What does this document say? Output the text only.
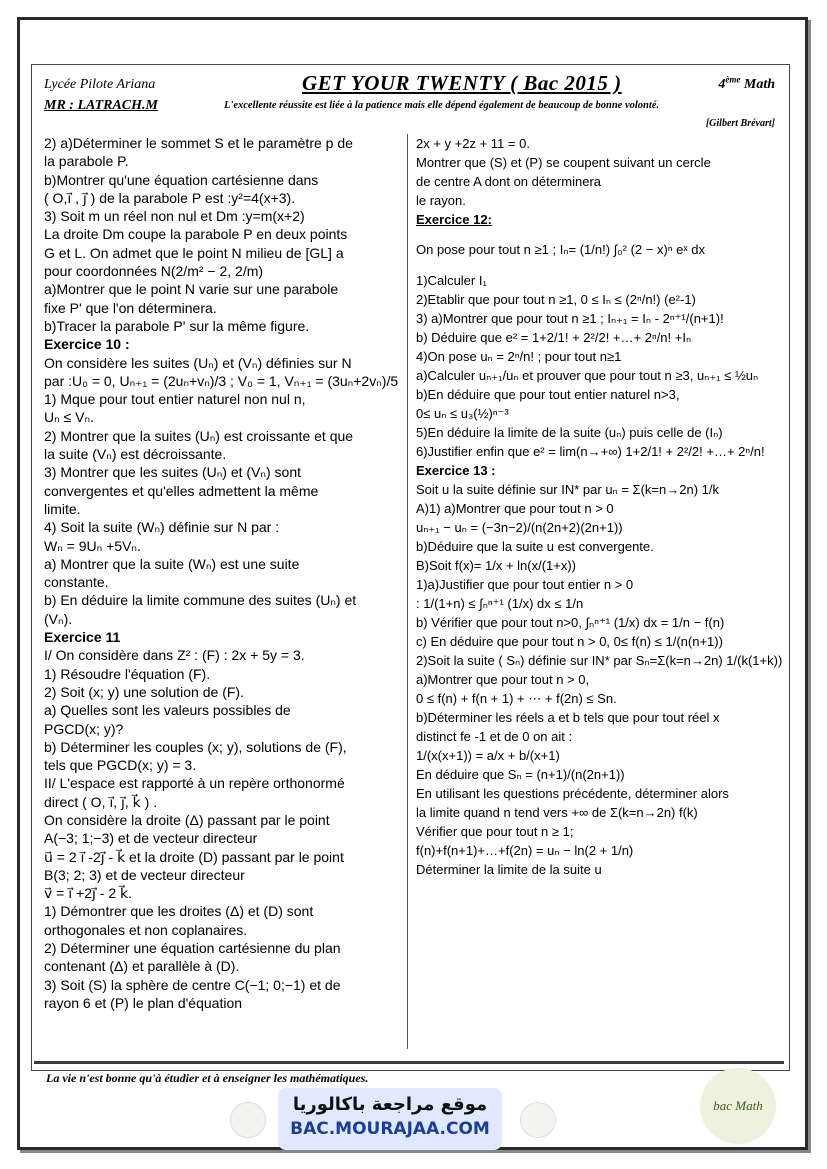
Lycée Pilote Ariana
MR : LATRACH.M
GET YOUR TWENTY ( Bac 2015 )	4ème Math
L'excellente réussite est liée à la patience mais elle dépend également de beaucoup de bonne volonté.
[Gilbert Brévart]
2) a)Déterminer le sommet S et le paramètre p de
la parabole P.
b)Montrer qu'une équation cartésienne dans
( O,i⃗ , j⃗ ) de la parabole P est :y²=4(x+3).
3) Soit m un réel non nul et Dm :y=m(x+2)
La droite Dm coupe la parabole P en deux points
G et L. On admet que le point N milieu de [GL] a
pour coordonnées N(2/m² − 2, 2/m)
a)Montrer que le point N varie sur une parabole
fixe P' que l'on déterminera.
b)Tracer la parabole P' sur la même figure.
Exercice 10 :
On considère les suites (Uₙ) et (Vₙ) définies sur N
par :U₀ = 0, Uₙ₊₁ = (2uₙ+vₙ)/3 ; V₀ = 1, Vₙ₊₁ = (3uₙ+2vₙ)/5
1) Mque pour tout entier naturel non nul n,
Uₙ ≤ Vₙ.
2) Montrer que la suites (Uₙ) est croissante et que
la suite (Vₙ) est décroissante.
3) Montrer que les suites (Uₙ) et (Vₙ) sont
convergentes et qu'elles admettent la même
limite.
4) Soit la suite (Wₙ) définie sur N par :
Wₙ = 9Uₙ +5Vₙ.
a) Montrer que la suite (Wₙ) est une suite
constante.
b) En déduire la limite commune des suites (Uₙ) et
(Vₙ).
Exercice 11
I/ On considère dans Z² : (F) : 2x + 5y = 3.
1) Résoudre l'équation (F).
2) Soit (x; y) une solution de (F).
a) Quelles sont les valeurs possibles de
PGCD(x; y)?
b) Déterminer les couples (x; y), solutions de (F),
tels que PGCD(x; y) = 3.
II/ L'espace est rapporté à un repère orthonormé
direct ( O, i⃗, j⃗, k⃗ ) .
On considère la droite (Δ) passant par le point
A(−3; 1;−3) et de vecteur directeur
u⃗ = 2 i⃗ -2j⃗ - k⃗ et la droite (D) passant par le point
B(3; 2; 3) et de vecteur directeur
v⃗ = i⃗ +2j⃗ - 2 k⃗.
1) Démontrer que les droites (Δ) et (D) sont
orthogonales et non coplanaires.
2) Déterminer une équation cartésienne du plan
contenant (Δ) et parallèle à (D).
3) Soit (S) la sphère de centre C(−1; 0;−1) et de
rayon 6 et (P) le plan d'équation
2x + y +2z + 11 = 0.
Montrer que (S) et (P) se coupent suivant un cercle
de centre A dont on déterminera
le rayon.
Exercice 12:
On pose pour tout n ≥1 ; Iₙ= (1/n!) ∫₀² (2 − x)ⁿ eˣ dx
1)Calculer I₁
2)Etablir que pour tout n ≥1, 0 ≤ Iₙ ≤ (2ⁿ/n!) (e²-1)
3) a)Montrer que pour tout n ≥1 ; Iₙ₊₁ = Iₙ - 2ⁿ⁺¹/(n+1)!
b) Déduire que e² = 1+2/1! + 2²/2! +…+ 2ⁿ/n! +Iₙ
4)On pose uₙ = 2ⁿ/n! ; pour tout n≥1
a)Calculer uₙ₊₁/uₙ et prouver que pour tout n ≥3, uₙ₊₁ ≤ ½uₙ
b)En déduire que pour tout entier naturel n>3,
0≤ uₙ ≤ u₃(½)ⁿ⁻³
5)En déduire la limite de la suite (uₙ) puis celle de (Iₙ)
6)Justifier enfin que e² = lim(n→+∞) 1+2/1! + 2²/2! +…+ 2ⁿ/n!
Exercice 13 :
Soit u la suite définie sur IN* par uₙ = Σ(k=n→2n) 1/k
A)1) a)Montrer que pour tout n > 0
uₙ₊₁ − uₙ = (−3n−2)/(n(2n+2)(2n+1))
b)Déduire que la suite u est convergente.
B)Soit f(x)= 1/x + ln(x/(1+x))
1)a)Justifier que pour tout entier n > 0
: 1/(1+n) ≤ ∫ₙⁿ⁺¹ (1/x) dx ≤ 1/n
b) Vérifier que pour tout n>0, ∫ₙⁿ⁺¹ (1/x) dx = 1/n − f(n)
c) En déduire que pour tout n > 0, 0≤ f(n) ≤ 1/(n(n+1))
2)Soit la suite ( Sₙ) définie sur IN* par Sₙ=Σ(k=n→2n) 1/(k(1+k))
a)Montrer que pour tout n > 0,
0 ≤ f(n) + f(n + 1) + ⋯ + f(2n) ≤ Sn.
b)Déterminer les réels a et b tels que pour tout réel x
distinct fe -1 et de 0 on ait :
1/(x(x+1)) = a/x + b/(x+1)
En déduire que Sₙ = (n+1)/(n(2n+1))
En utilisant les questions précédente, déterminer alors
la limite quand n tend vers +∞ de Σ(k=n→2n) f(k)
Vérifier que pour tout n ≥ 1;
f(n)+f(n+1)+…+f(2n) = uₙ − ln(2 + 1/n)
Déterminer la limite de la suite u
La vie n'est bonne qu'à étudier et à enseigner les mathématiques.
موقع مراجعة باكالوريا
BAC.MOURAJAA.COM
bac Math
